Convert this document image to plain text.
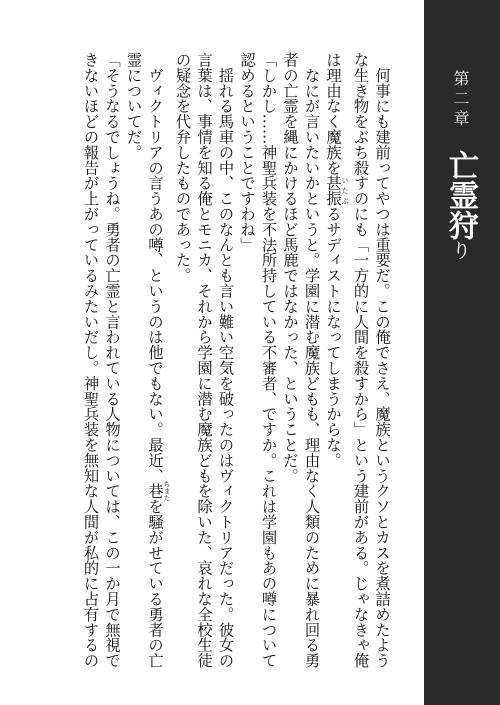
第二章
亡霊狩り
　何事にも建前ってやつは重要だ。この俺でさえ、魔族というクソとカスを煮詰めたよう
な生き物をぶち殺すのにも「一方的に人間を殺すから」という建前がある。じゃなきゃ俺
は理由なく魔族を甚振 いたぶるサディストになってしまうからな。
　なにが言いたいかというと。学園に潜む魔族どもも、理由なく人類のために暴れ回る勇
者の亡霊を縄にかけるほど馬鹿ではなかった、ということだ。
「しかし……神聖兵装を不法所持している不審者、ですか。これは学園もあの噂について
認めるということですわね」
　揺れる馬車の中、このなんとも言い難い空気を破ったのはヴィクトリアだった。彼女の
言葉は、事情を知る俺とモニカ、それから学園に潜む魔族どもを除いた、哀れな全校生徒
の疑念を代弁したものであった。
　ヴィクトリアの言うあの噂、というのは他でもない。最近、巷 ちまたを騒がせている勇者の亡
霊についてだ。
「そうなるでしょうね。勇者の亡霊と言われている人物については、この一か月で無視で
きないほどの報告が上がっているみたいだし。神聖兵装を無知な人間が私的に占有するの
